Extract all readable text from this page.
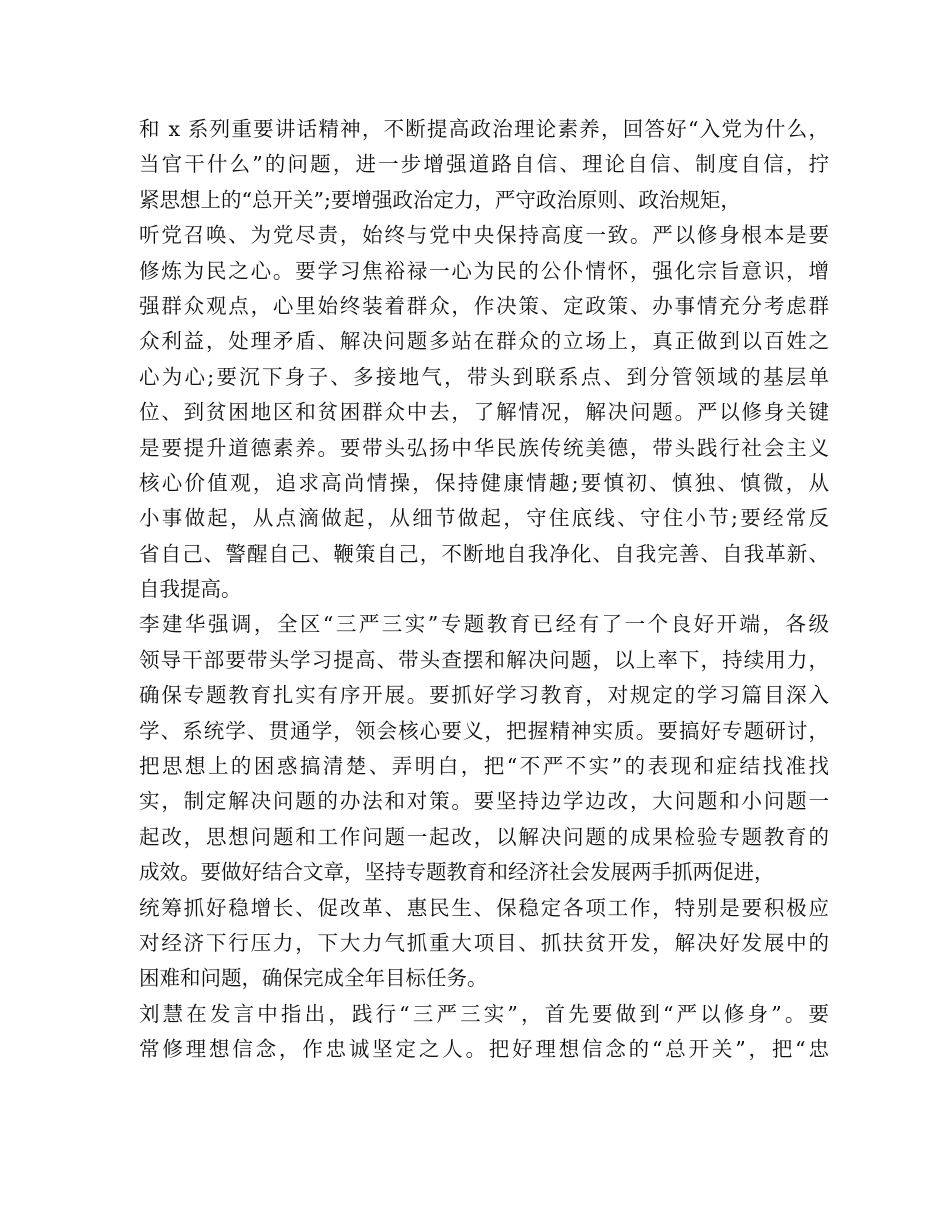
和 x 系列重要讲话精神，不断提高政治理论素养，回答好“入党为什么，
当官干什么”的问题，进一步增强道路自信、理论自信、制度自信，拧
紧思想上的“总开关”;要增强政治定力，严守政治原则、政治规矩，
听党召唤、为党尽责，始终与党中央保持高度一致。严以修身根本是要
修炼为民之心。要学习焦裕禄一心为民的公仆情怀，强化宗旨意识，增
强群众观点，心里始终装着群众，作决策、定政策、办事情充分考虑群
众利益，处理矛盾、解决问题多站在群众的立场上，真正做到以百姓之
心为心;要沉下身子、多接地气，带头到联系点、到分管领域的基层单
位、到贫困地区和贫困群众中去，了解情况，解决问题。严以修身关键
是要提升道德素养。要带头弘扬中华民族传统美德，带头践行社会主义
核心价值观，追求高尚情操，保持健康情趣;要慎初、慎独、慎微，从
小事做起，从点滴做起，从细节做起，守住底线、守住小节;要经常反
省自己、警醒自己、鞭策自己，不断地自我净化、自我完善、自我革新、
自我提高。
李建华强调，全区“三严三实”专题教育已经有了一个良好开端，各级
领导干部要带头学习提高、带头查摆和解决问题，以上率下，持续用力，
确保专题教育扎实有序开展。要抓好学习教育，对规定的学习篇目深入
学、系统学、贯通学，领会核心要义，把握精神实质。要搞好专题研讨，
把思想上的困惑搞清楚、弄明白，把“不严不实”的表现和症结找准找
实，制定解决问题的办法和对策。要坚持边学边改，大问题和小问题一
起改，思想问题和工作问题一起改，以解决问题的成果检验专题教育的
成效。要做好结合文章，坚持专题教育和经济社会发展两手抓两促进，
统筹抓好稳增长、促改革、惠民生、保稳定各项工作，特别是要积极应
对经济下行压力，下大力气抓重大项目、抓扶贫开发，解决好发展中的
困难和问题，确保完成全年目标任务。
刘慧在发言中指出，践行“三严三实”，首先要做到“严以修身”。要
常修理想信念，作忠诚坚定之人。把好理想信念的“总开关”，把“忠
